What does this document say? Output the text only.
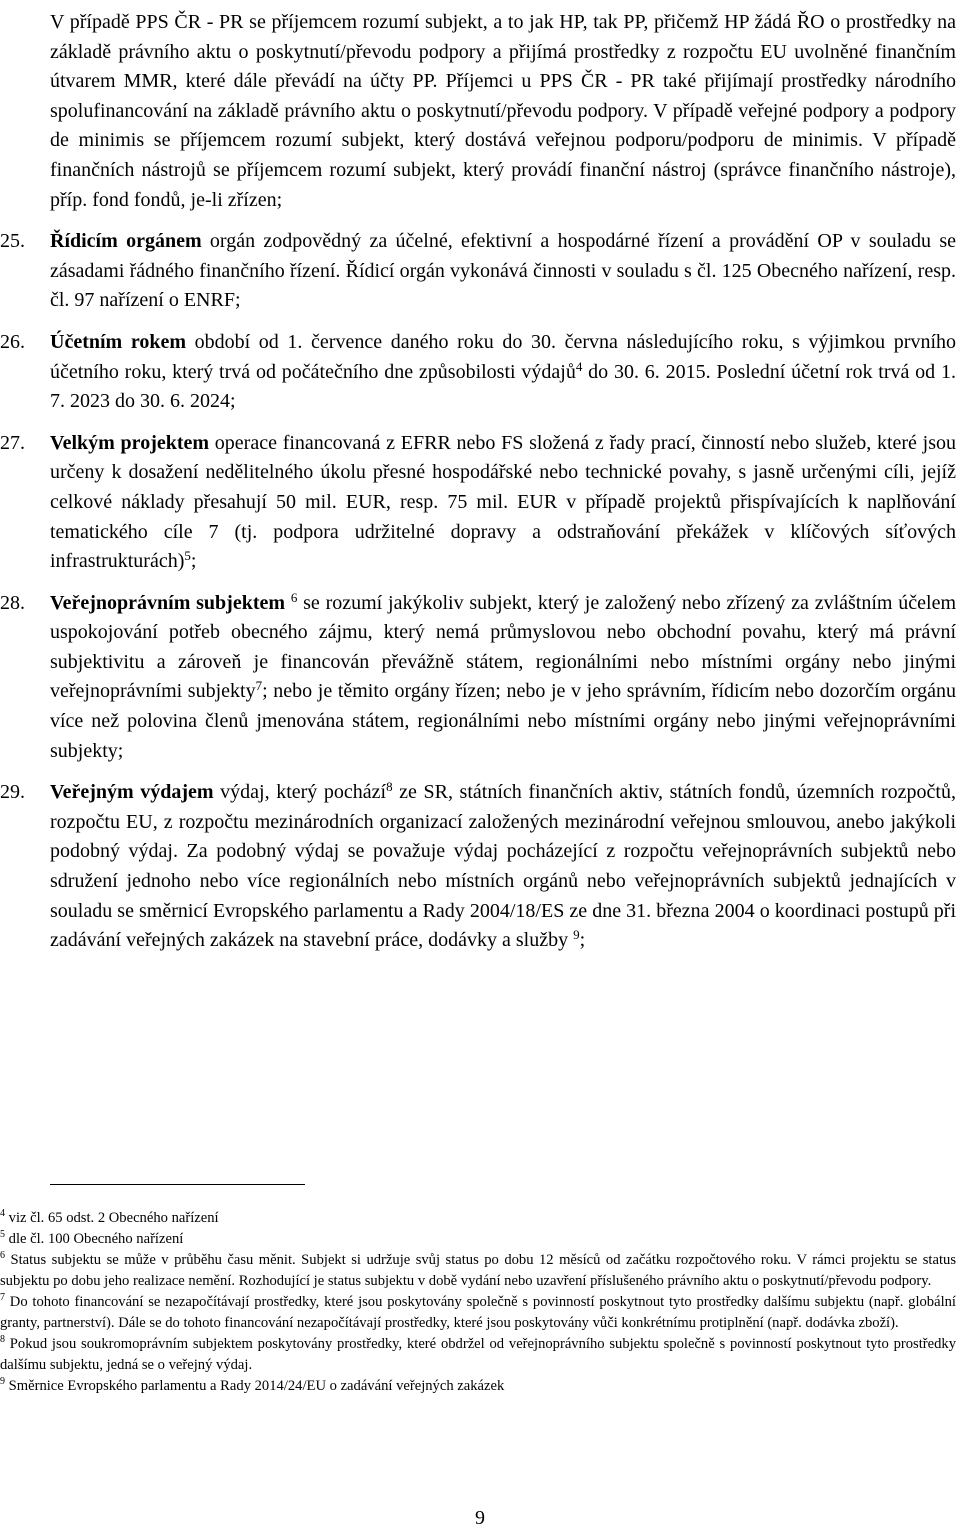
V případě PPS ČR - PR se příjemcem rozumí subjekt, a to jak HP, tak PP, přičemž HP žádá ŘO o prostředky na základě právního aktu o poskytnutí/převodu podpory a přijímá prostředky z rozpočtu EU uvolněné finančním útvarem MMR, které dále převádí na účty PP. Příjemci u PPS ČR - PR také přijímají prostředky národního spolufinancování na základě právního aktu o poskytnutí/převodu podpory. V případě veřejné podpory a podpory de minimis se příjemcem rozumí subjekt, který dostává veřejnou podporu/podporu de minimis. V případě finančních nástrojů se příjemcem rozumí subjekt, který provádí finanční nástroj (správce finančního nástroje), příp. fond fondů, je-li zřízen;

25.	Řídicím orgánem orgán zodpovědný za účelné, efektivní a hospodárné řízení a provádění OP v souladu se zásadami řádného finančního řízení. Řídicí orgán vykonává činnosti v souladu s čl. 125 Obecného nařízení, resp. čl. 97 nařízení o ENRF;

26.	Účetním rokem období od 1. července daného roku do 30. června následujícího roku, s výjimkou prvního účetního roku, který trvá od počátečního dne způsobilosti výdajů$^4$ do 30. 6. 2015. Poslední účetní rok trvá od 1. 7. 2023 do 30. 6. 2024;

27.	Velkým projektem operace financovaná z EFRR nebo FS složená z řady prací, činností nebo služeb, které jsou určeny k dosažení nedělitelného úkolu přesné hospodářské nebo technické povahy, s jasně určenými cíli, jejíž celkové náklady přesahují 50 mil. EUR, resp. 75 mil. EUR v případě projektů přispívajících k naplňování tematického cíle 7 (tj. podpora udržitelné dopravy a odstraňování překážek v klíčových síťových infrastrukturách)$^5$;

28.	Veřejnoprávním subjektem $^6$ se rozumí jakýkoliv subjekt, který je založený nebo zřízený za zvláštním účelem uspokojování potřeb obecného zájmu, který nemá průmyslovou nebo obchodní povahu, který má právní subjektivitu a zároveň je financován převážně státem, regionálními nebo místními orgány nebo jinými veřejnoprávními subjekty$^7$; nebo je těmito orgány řízen; nebo je v jeho správním, řídicím nebo dozorčím orgánu více než polovina členů jmenována státem, regionálními nebo místními orgány nebo jinými veřejnoprávními subjekty;

29.	Veřejným výdajem výdaj, který pochází$^8$ ze SR, státních finančních aktiv, státních fondů, územních rozpočtů, rozpočtu EU, z rozpočtu mezinárodních organizací založených mezinárodní veřejnou smlouvou, anebo jakýkoli podobný výdaj. Za podobný výdaj se považuje výdaj pocházející z rozpočtu veřejnoprávních subjektů nebo sdružení jednoho nebo více regionálních nebo místních orgánů nebo veřejnoprávních subjektů jednajících v souladu se směrnicí Evropského parlamentu a Rady 2004/18/ES ze dne 31. března 2004 o koordinaci postupů při zadávání veřejných zakázek na stavební práce, dodávky a služby $^9$;

$^4$ viz čl. 65 odst. 2 Obecného nařízení

$^5$ dle čl. 100 Obecného nařízení

$^6$ Status subjektu se může v průběhu času měnit. Subjekt si udržuje svůj status po dobu 12 měsíců od začátku rozpočtového roku. V rámci projektu se status subjektu po dobu jeho realizace nemění. Rozhodující je status subjektu v době vydání nebo uzavření příslušeného právního aktu o poskytnutí/převodu podpory.

$^7$ Do tohoto financování se nezapočítávají prostředky, které jsou poskytovány společně s povinností poskytnout tyto prostředky dalšímu subjektu (např. globální granty, partnerství). Dále se do tohoto financování nezapočítávají prostředky, které jsou poskytovány vůči konkrétnímu protiplnění (např. dodávka zboží).

$^8$ Pokud jsou soukromoprávním subjektem poskytovány prostředky, které obdržel od veřejnoprávního subjektu společně s povinností poskytnout tyto prostředky dalšímu subjektu, jedná se o veřejný výdaj.

$^9$ Směrnice Evropského parlamentu a Rady 2014/24/EU o zadávání veřejných zakázek

9
